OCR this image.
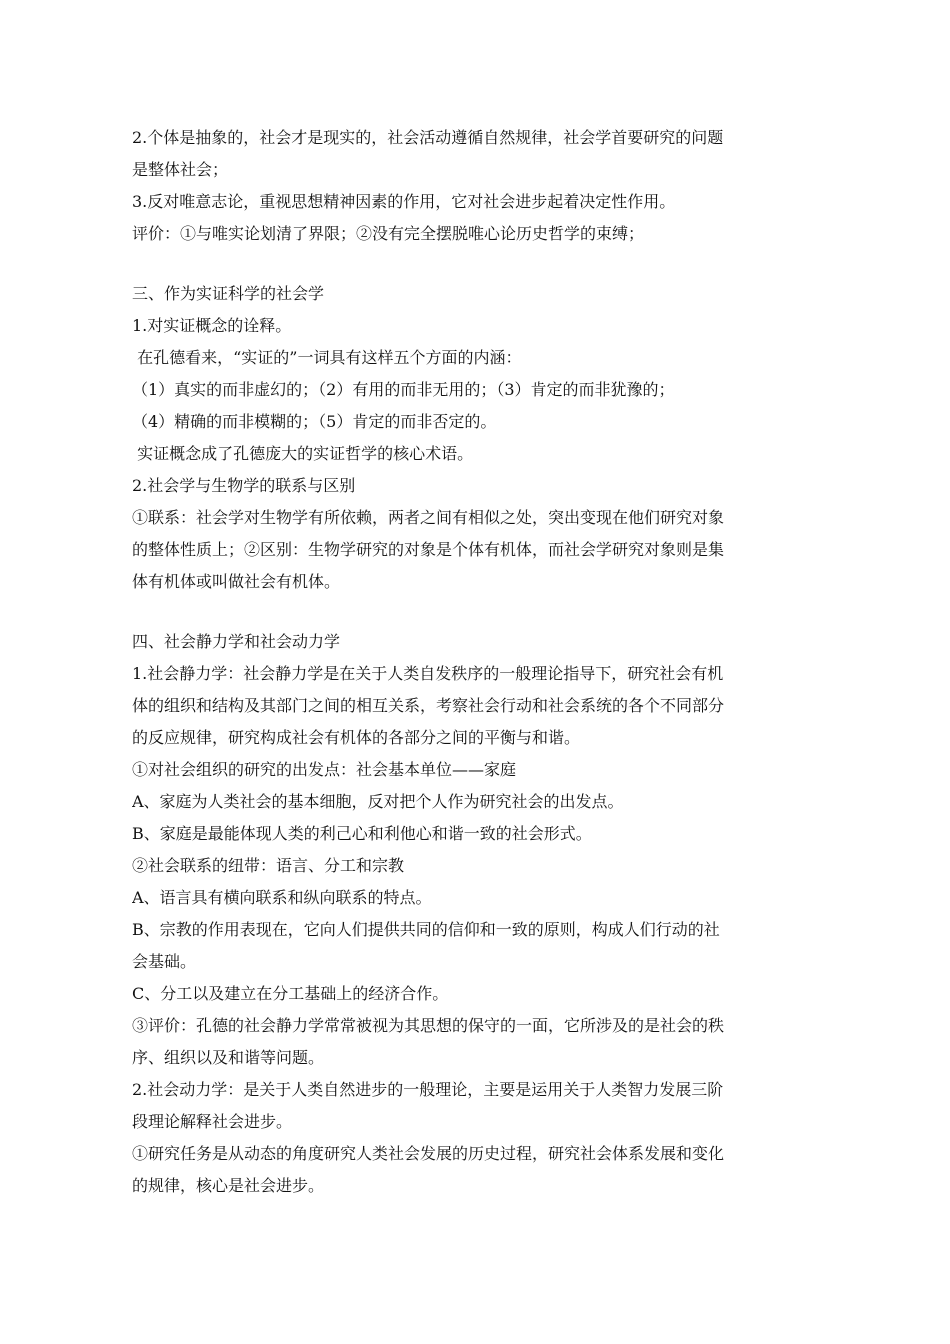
2.个体是抽象的，社会才是现实的，社会活动遵循自然规律，社会学首要研究的问题
是整体社会；
3.反对唯意志论，重视思想精神因素的作用，它对社会进步起着决定性作用。
评价：①与唯实论划清了界限；②没有完全摆脱唯心论历史哲学的束缚；
三、作为实证科学的社会学
1.对实证概念的诠释。
在孔德看来，“实证的”一词具有这样五个方面的内涵：
（1）真实的而非虚幻的；（2）有用的而非无用的；（3）肯定的而非犹豫的；
（4）精确的而非模糊的；（5）肯定的而非否定的。
实证概念成了孔德庞大的实证哲学的核心术语。
2.社会学与生物学的联系与区别
①联系：社会学对生物学有所依赖，两者之间有相似之处，突出变现在他们研究对象
的整体性质上；②区别：生物学研究的对象是个体有机体，而社会学研究对象则是集
体有机体或叫做社会有机体。
四、社会静力学和社会动力学
1.社会静力学：社会静力学是在关于人类自发秩序的一般理论指导下，研究社会有机
体的组织和结构及其部门之间的相互关系，考察社会行动和社会系统的各个不同部分
的反应规律，研究构成社会有机体的各部分之间的平衡与和谐。
①对社会组织的研究的出发点：社会基本单位——家庭
A、家庭为人类社会的基本细胞，反对把个人作为研究社会的出发点。
B、家庭是最能体现人类的利己心和利他心和谐一致的社会形式。
②社会联系的纽带：语言、分工和宗教
A、语言具有横向联系和纵向联系的特点。
B、宗教的作用表现在，它向人们提供共同的信仰和一致的原则，构成人们行动的社
会基础。
C、分工以及建立在分工基础上的经济合作。
③评价：孔德的社会静力学常常被视为其思想的保守的一面，它所涉及的是社会的秩
序、组织以及和谐等问题。
2.社会动力学：是关于人类自然进步的一般理论，主要是运用关于人类智力发展三阶
段理论解释社会进步。
①研究任务是从动态的角度研究人类社会发展的历史过程，研究社会体系发展和变化
的规律，核心是社会进步。
